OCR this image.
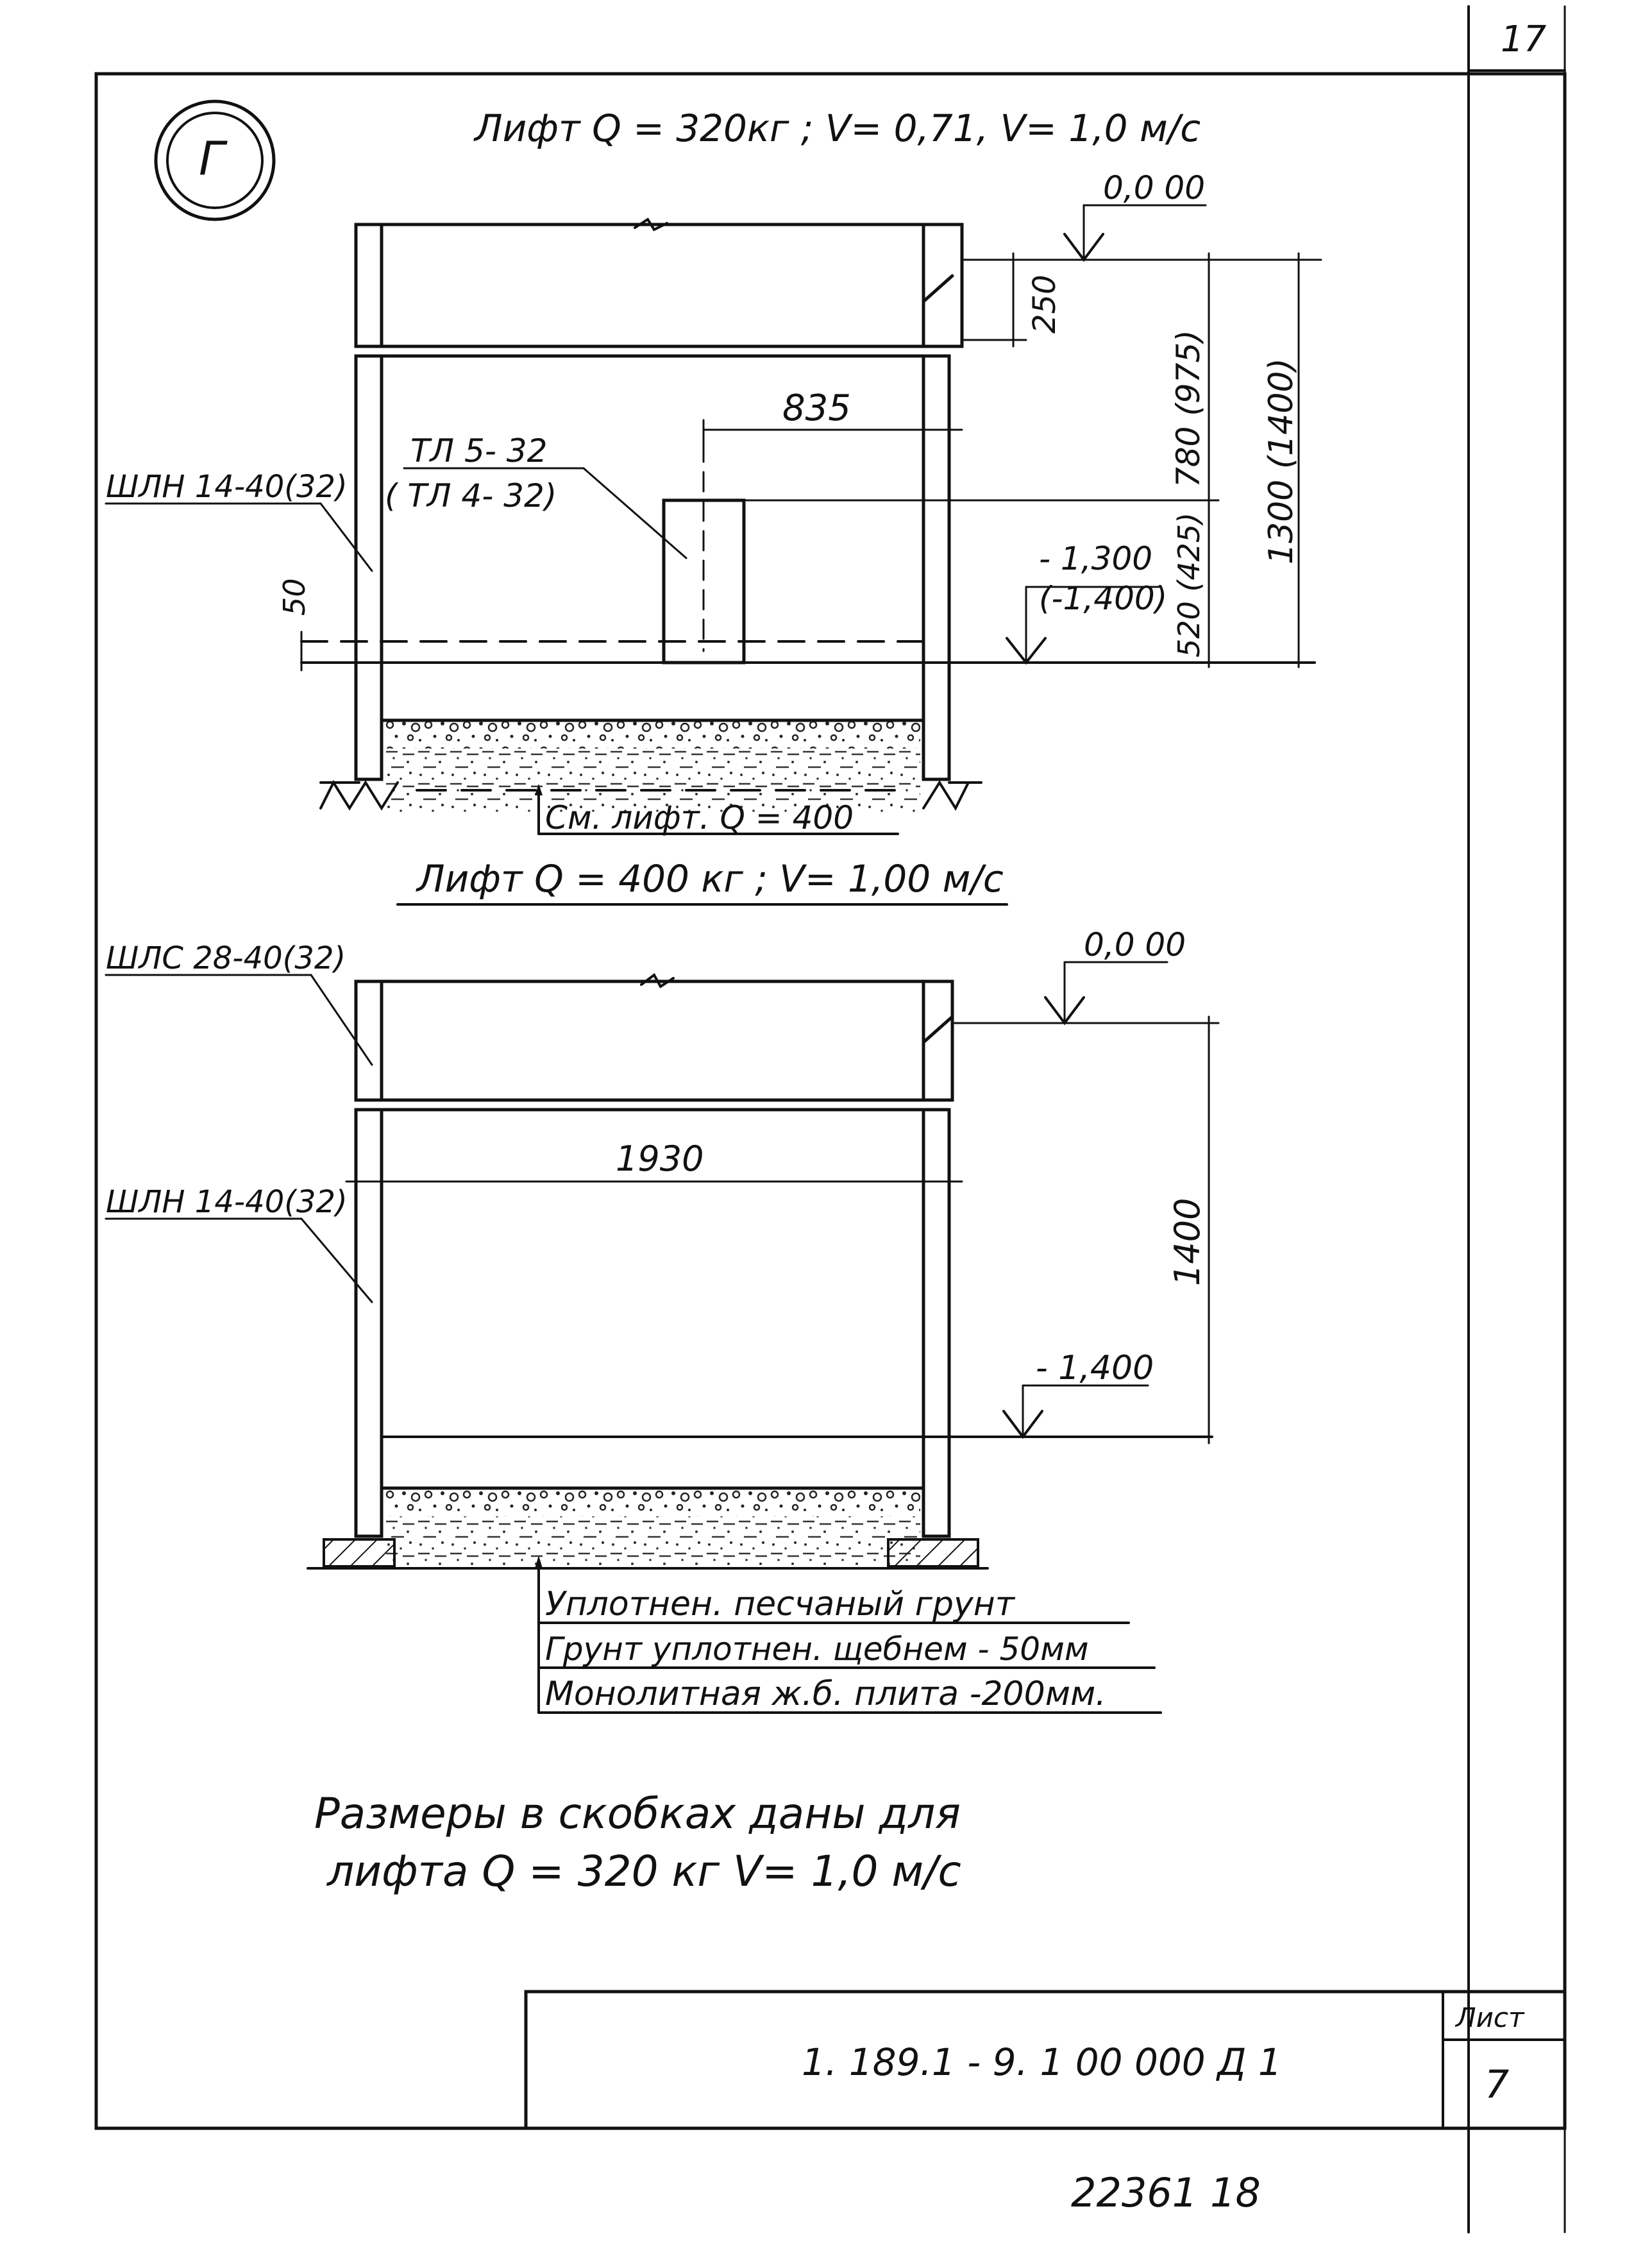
17
Г
Лифт Q = 320кг ; V= 0,71, V= 1,0 м/с
835
См. лифт. Q = 400
ТЛ 5- 32
( ТЛ 4- 32)
ШЛН 14-40(32)
50
250
0,0 00
780 (975)
520 (425)
1300 (1400)
- 1,300
(-1,400)
Лифт Q = 400 кг ; V= 1,00 м/с
1930
ШЛС 28-40(32)
ШЛН 14-40(32)
0,0 00
1400
- 1,400
Уплотнен. песчаный грунт
Грунт уплотнен. щебнем - 50мм
Монолитная ж.б. плита -200мм.
Размеры в скобках даны для
лифта Q = 320 кг V= 1,0 м/с
1. 189.1 - 9. 1 00 000 Д 1
Лист
7
22361 18
